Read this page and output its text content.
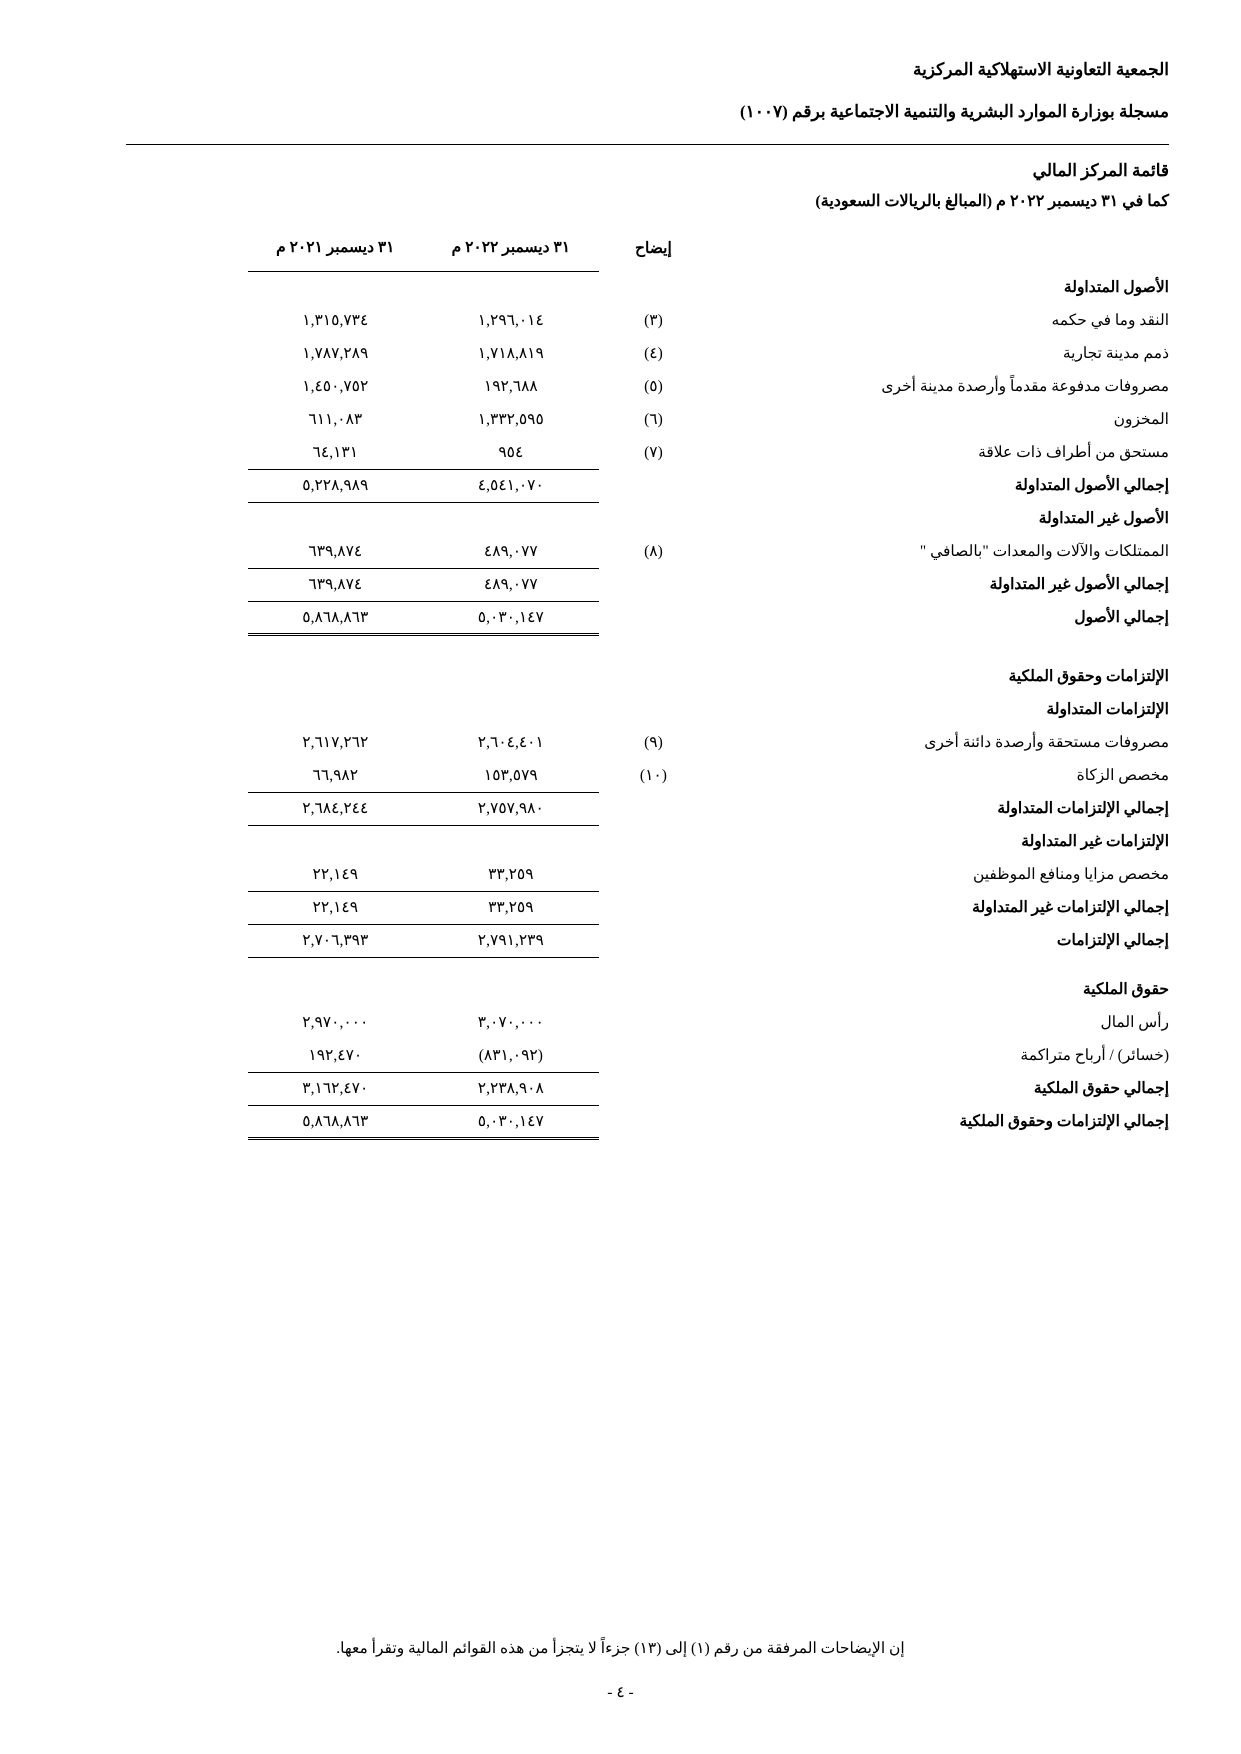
الجمعية التعاونية الاستهلاكية المركزية
مسجلة بوزارة الموارد البشرية والتنمية الاجتماعية برقم (١٠٠٧)
قائمة المركز المالي
كما في ٣١ ديسمبر ٢٠٢٢ م (المبالغ بالريالات السعودية)
	إيضاح	٣١ ديسمبر ٢٠٢٢ م	٣١ ديسمبر ٢٠٢١ م	
الأصول المتداولة				
النقد وما في حكمه	(٣)	١,٢٩٦,٠١٤	١,٣١٥,٧٣٤	
ذمم مدينة تجارية	(٤)	١,٧١٨,٨١٩	١,٧٨٧,٢٨٩	
مصروفات مدفوعة مقدماً وأرصدة مدينة أخرى	(٥)	١٩٢,٦٨٨	١,٤٥٠,٧٥٢	
المخزون	(٦)	١,٣٣٢,٥٩٥	٦١١,٠٨٣	
مستحق من أطراف ذات علاقة	(٧)	٩٥٤	٦٤,١٣١	
إجمالي الأصول المتداولة		٤,٥٤١,٠٧٠	٥,٢٢٨,٩٨٩	
الأصول غير المتداولة				
الممتلكات والآلات والمعدات "بالصافي "	(٨)	٤٨٩,٠٧٧	٦٣٩,٨٧٤	
إجمالي الأصول غير المتداولة		٤٨٩,٠٧٧	٦٣٩,٨٧٤	
إجمالي الأصول		٥,٠٣٠,١٤٧	٥,٨٦٨,٨٦٣	

الإلتزامات وحقوق الملكية				
الإلتزامات المتداولة				
مصروفات مستحقة وأرصدة دائنة أخرى	(٩)	٢,٦٠٤,٤٠١	٢,٦١٧,٢٦٢	
مخصص الزكاة	(١٠)	١٥٣,٥٧٩	٦٦,٩٨٢	
إجمالي الإلتزامات المتداولة		٢,٧٥٧,٩٨٠	٢,٦٨٤,٢٤٤	
الإلتزامات غير المتداولة				
مخصص مزايا ومنافع الموظفين		٣٣,٢٥٩	٢٢,١٤٩	
إجمالي الإلتزامات غير المتداولة		٣٣,٢٥٩	٢٢,١٤٩	
إجمالي الإلتزامات		٢,٧٩١,٢٣٩	٢,٧٠٦,٣٩٣	

حقوق الملكية				
رأس المال		٣,٠٧٠,٠٠٠	٢,٩٧٠,٠٠٠	
(خسائر) / أرباح متراكمة		(٨٣١,٠٩٢)	١٩٢,٤٧٠	
إجمالي حقوق الملكية		٢,٢٣٨,٩٠٨	٣,١٦٢,٤٧٠	
إجمالي الإلتزامات وحقوق الملكية		٥,٠٣٠,١٤٧	٥,٨٦٨,٨٦٣	
إن الإيضاحات المرفقة من رقم (١) إلى (١٣) جزءاً لا يتجزأ من هذه القوائم المالية وتقرأ معها.
- ٤ -
